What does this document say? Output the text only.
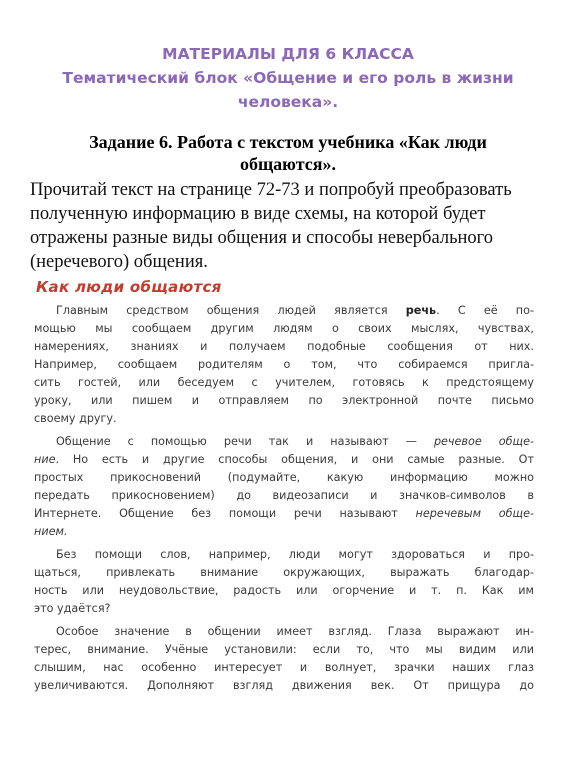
МАТЕРИАЛЫ ДЛЯ 6 КЛАССА
Тематический блок «Общение и его роль в жизни
человека».
Задание 6. Работа с текстом учебника «Как люди
общаются».
Прочитай текст на странице 72-73 и попробуй преобразовать
полученную информацию в виде схемы, на которой будет
отражены разные виды общения и способы невербального
(неречевого) общения.
Как люди общаются
Главным средством общения людей является речь. С её по-
мощью мы сообщаем другим людям о своих мыслях, чувствах,
намерениях, знаниях и получаем подобные сообщения от них.
Например, сообщаем родителям о том, что собираемся пригла-
сить гостей, или беседуем с учителем, готовясь к предстоящему
уроку, или пишем и отправляем по электронной почте письмо
своему другу.
Общение с помощью речи так и называют — речевое обще-
ние. Но есть и другие способы общения, и они самые разные. От
простых прикосновений (подумайте, какую информацию можно
передать прикосновением) до видеозаписи и значков-символов в
Интернете. Общение без помощи речи называют неречевым обще-
нием.
Без помощи слов, например, люди могут здороваться и про-
щаться, привлекать внимание окружающих, выражать благодар-
ность или неудовольствие, радость или огорчение и т. п. Как им
это удаётся?
Особое значение в общении имеет взгляд. Глаза выражают ин-
терес, внимание. Учёные установили: если то, что мы видим или
слышим, нас особенно интересует и волнует, зрачки наших глаз
увеличиваются. Дополняют взгляд движения век. От прищура до
